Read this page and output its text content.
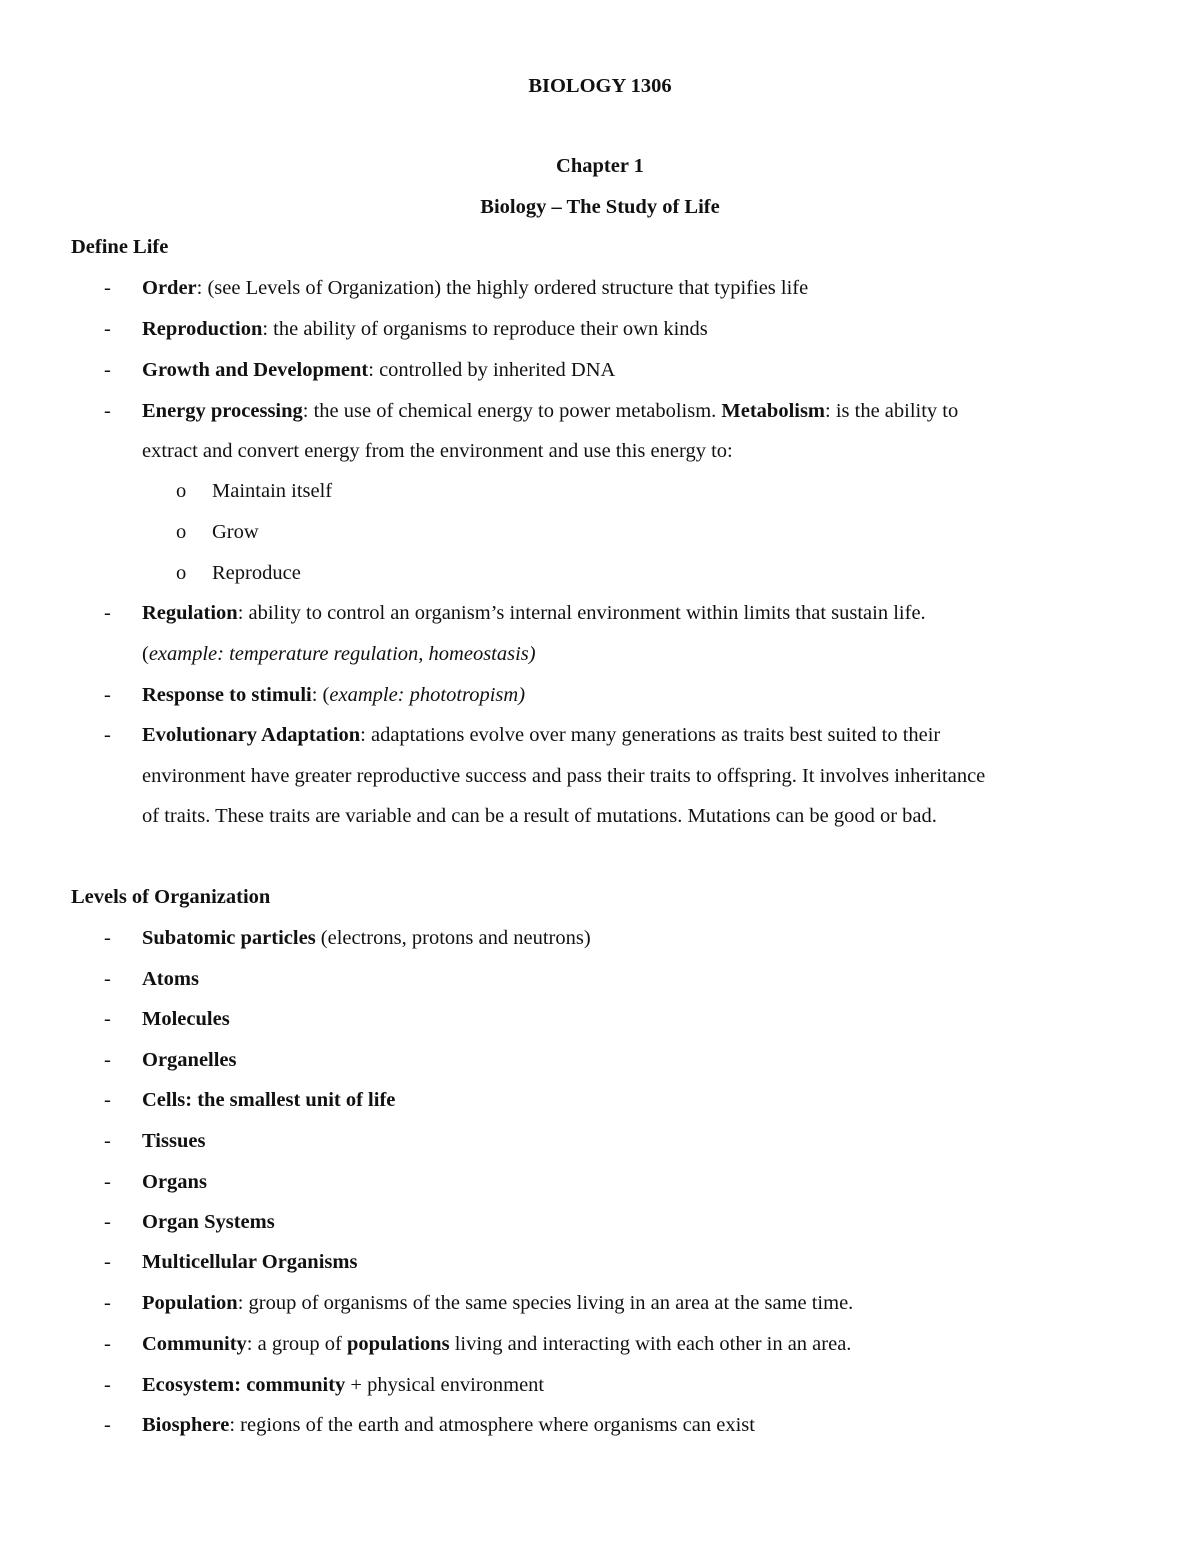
BIOLOGY 1306
Chapter 1
Biology – The Study of Life
Define Life
- Order: (see Levels of Organization) the highly ordered structure that typifies life
- Reproduction: the ability of organisms to reproduce their own kinds
- Growth and Development: controlled by inherited DNA
- Energy processing: the use of chemical energy to power metabolism. Metabolism: is the ability to
extract and convert energy from the environment and use this energy to:
o Maintain itself
o Grow
o Reproduce
- Regulation: ability to control an organism’s internal environment within limits that sustain life.
(example: temperature regulation, homeostasis)
- Response to stimuli: (example: phototropism)
- Evolutionary Adaptation: adaptations evolve over many generations as traits best suited to their
environment have greater reproductive success and pass their traits to offspring. It involves inheritance
of traits. These traits are variable and can be a result of mutations. Mutations can be good or bad.
Levels of Organization
- Subatomic particles (electrons, protons and neutrons)
- Atoms
- Molecules
- Organelles
- Cells: the smallest unit of life
- Tissues
- Organs
- Organ Systems
- Multicellular Organisms
- Population: group of organisms of the same species living in an area at the same time.
- Community: a group of populations living and interacting with each other in an area.
- Ecosystem: community + physical environment
- Biosphere: regions of the earth and atmosphere where organisms can exist
